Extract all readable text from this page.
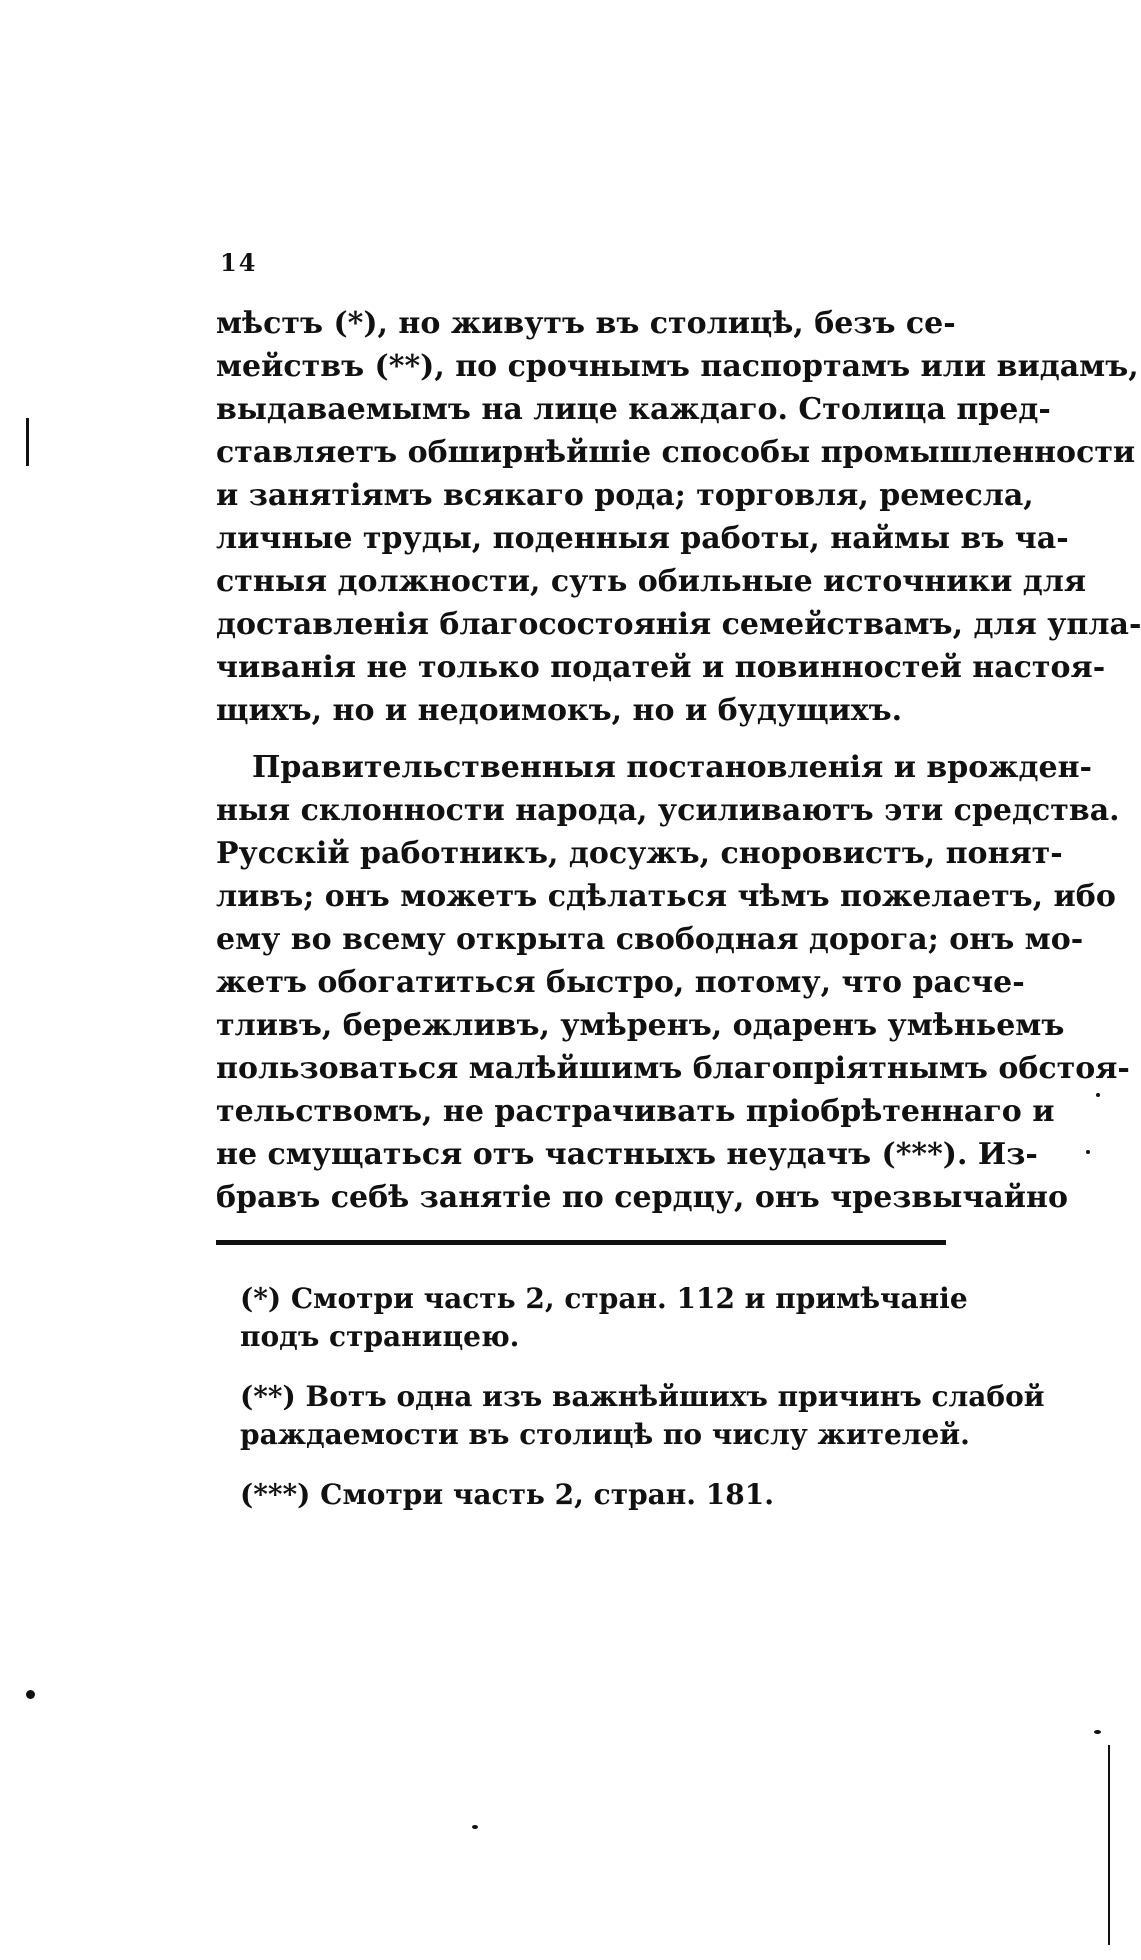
14
мѣстъ (*), но живутъ въ столицѣ, безъ се-
мействъ (**), по срочнымъ паспортамъ или видамъ,
выдаваемымъ на лице каждаго. Столица пред-
ставляетъ обширнѣйшіе способы промышленности
и занятіямъ всякаго рода; торговля, ремесла,
личные труды, поденныя работы, наймы въ ча-
стныя должности, суть обильные источники для
доставленія благосостоянія семействамъ, для упла-
чиванія не только податей и повинностей настоя-
щихъ, но и недоимокъ, но и будущихъ.
Правительственныя постановленія и врожден-
ныя склонности народа, усиливаютъ эти средства.
Русскій работникъ, досужъ, сноровистъ, понят-
ливъ; онъ можетъ сдѣлаться чѣмъ пожелаетъ, ибо
ему во всему открыта свободная дорога; онъ мо-
жетъ обогатиться быстро, потому, что расче-
тливъ, бережливъ, умѣренъ, одаренъ умѣньемъ
пользоваться малѣйшимъ благопріятнымъ обстоя-
тельствомъ, не растрачивать пріобрѣтеннаго и
не смущаться отъ частныхъ неудачъ (***). Из-
бравъ себѣ занятіе по сердцу, онъ чрезвычайно
(*) Смотри часть 2, стран. 112 и примѣчаніе
подъ страницею.
(**) Вотъ одна изъ важнѣйшихъ причинъ слабой
раждаемости въ столицѣ по числу жителей.
(***) Смотри часть 2, стран. 181.
